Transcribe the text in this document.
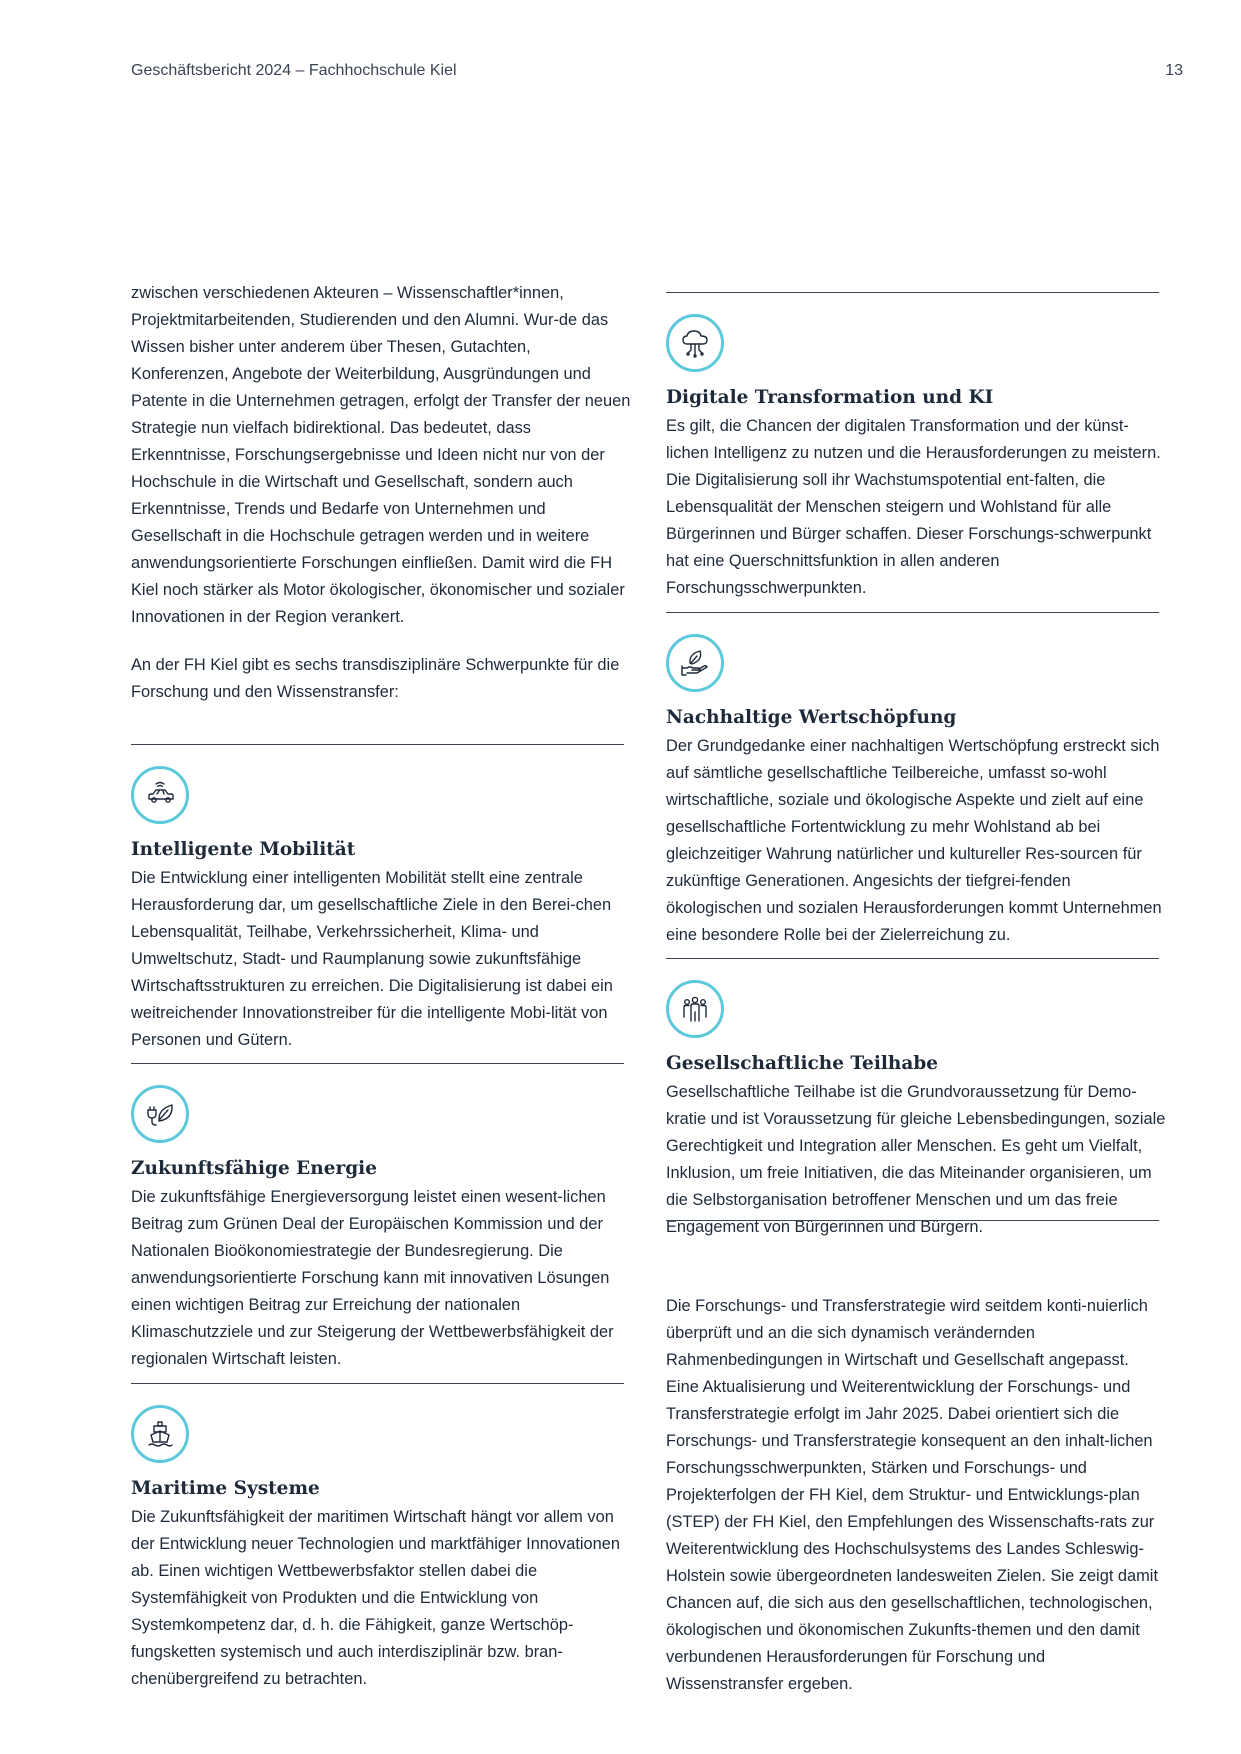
Geschäftsbericht 2024 – Fachhochschule Kiel	13

zwischen verschiedenen Akteuren – Wissenschaftler*innen, Projektmitarbeitenden, Studierenden und den Alumni. Wur-de das Wissen bisher unter anderem über Thesen, Gutachten, Konferenzen, Angebote der Weiterbildung, Ausgründungen und Patente in die Unternehmen getragen, erfolgt der Transfer der neuen Strategie nun vielfach bidirektional. Das bedeutet, dass Erkenntnisse, Forschungsergebnisse und Ideen nicht nur von der Hochschule in die Wirtschaft und Gesellschaft, sondern auch Erkenntnisse, Trends und Bedarfe von Unternehmen und Gesellschaft in die Hochschule getragen werden und in weitere anwendungsorientierte Forschungen einfließen. Damit wird die FH Kiel noch stärker als Motor ökologischer, ökonomischer und sozialer Innovationen in der Region verankert.

An der FH Kiel gibt es sechs transdisziplinäre Schwerpunkte für die Forschung und den Wissenstransfer:

Intelligente Mobilität

Die Entwicklung einer intelligenten Mobilität stellt eine zentrale Herausforderung dar, um gesellschaftliche Ziele in den Berei-chen Lebensqualität, Teilhabe, Verkehrssicherheit, Klima- und Umweltschutz, Stadt- und Raumplanung sowie zukunftsfähige Wirtschaftsstrukturen zu erreichen. Die Digitalisierung ist dabei ein weitreichender Innovationstreiber für die intelligente Mobi-lität von Personen und Gütern.

Zukunftsfähige Energie

Die zukunftsfähige Energieversorgung leistet einen wesent-lichen Beitrag zum Grünen Deal der Europäischen Kommission und der Nationalen Bioökonomiestrategie der Bundesregierung. Die anwendungsorientierte Forschung kann mit innovativen Lösungen einen wichtigen Beitrag zur Erreichung der nationalen Klimaschutzziele und zur Steigerung der Wettbewerbsfähigkeit der regionalen Wirtschaft leisten.

Maritime Systeme

Die Zukunftsfähigkeit der maritimen Wirtschaft hängt vor allem von der Entwicklung neuer Technologien und marktfähiger Innovationen ab. Einen wichtigen Wettbewerbsfaktor stellen dabei die Systemfähigkeit von Produkten und die Entwicklung von Systemkompetenz dar, d. h. die Fähigkeit, ganze Wertschöp-fungsketten systemisch und auch interdisziplinär bzw. bran-chenübergreifend zu betrachten.

Digitale Transformation und KI

Es gilt, die Chancen der digitalen Transformation und der künst-lichen Intelligenz zu nutzen und die Herausforderungen zu meistern. Die Digitalisierung soll ihr Wachstumspotential ent-falten, die Lebensqualität der Menschen steigern und Wohlstand für alle Bürgerinnen und Bürger schaffen. Dieser Forschungs-schwerpunkt hat eine Querschnittsfunktion in allen anderen Forschungsschwerpunkten.

Nachhaltige Wertschöpfung

Der Grundgedanke einer nachhaltigen Wertschöpfung erstreckt sich auf sämtliche gesellschaftliche Teilbereiche, umfasst so-wohl wirtschaftliche, soziale und ökologische Aspekte und zielt auf eine gesellschaftliche Fortentwicklung zu mehr Wohlstand ab bei gleichzeitiger Wahrung natürlicher und kultureller Res-sourcen für zukünftige Generationen. Angesichts der tiefgrei-fenden ökologischen und sozialen Herausforderungen kommt Unternehmen eine besondere Rolle bei der Zielerreichung zu.

Gesellschaftliche Teilhabe

Gesellschaftliche Teilhabe ist die Grundvoraussetzung für Demo-kratie und ist Voraussetzung für gleiche Lebensbedingungen, soziale Gerechtigkeit und Integration aller Menschen. Es geht um Vielfalt, Inklusion, um freie Initiativen, die das Miteinander organisieren, um die Selbstorganisation betroffener Menschen und um das freie Engagement von Bürgerinnen und Bürgern.

Die Forschungs- und Transferstrategie wird seitdem konti-nuierlich überprüft und an die sich dynamisch verändernden Rahmenbedingungen in Wirtschaft und Gesellschaft angepasst. Eine Aktualisierung und Weiterentwicklung der Forschungs- und Transferstrategie erfolgt im Jahr 2025. Dabei orientiert sich die Forschungs- und Transferstrategie konsequent an den inhalt-lichen Forschungsschwerpunkten, Stärken und Forschungs- und Projekterfolgen der FH Kiel, dem Struktur- und Entwicklungs-plan (STEP) der FH Kiel, den Empfehlungen des Wissenschafts-rats zur Weiterentwicklung des Hochschulsystems des Landes Schleswig-Holstein sowie übergeordneten landesweiten Zielen. Sie zeigt damit Chancen auf, die sich aus den gesellschaftlichen, technologischen, ökologischen und ökonomischen Zukunfts-themen und den damit verbundenen Herausforderungen für Forschung und Wissenstransfer ergeben.
